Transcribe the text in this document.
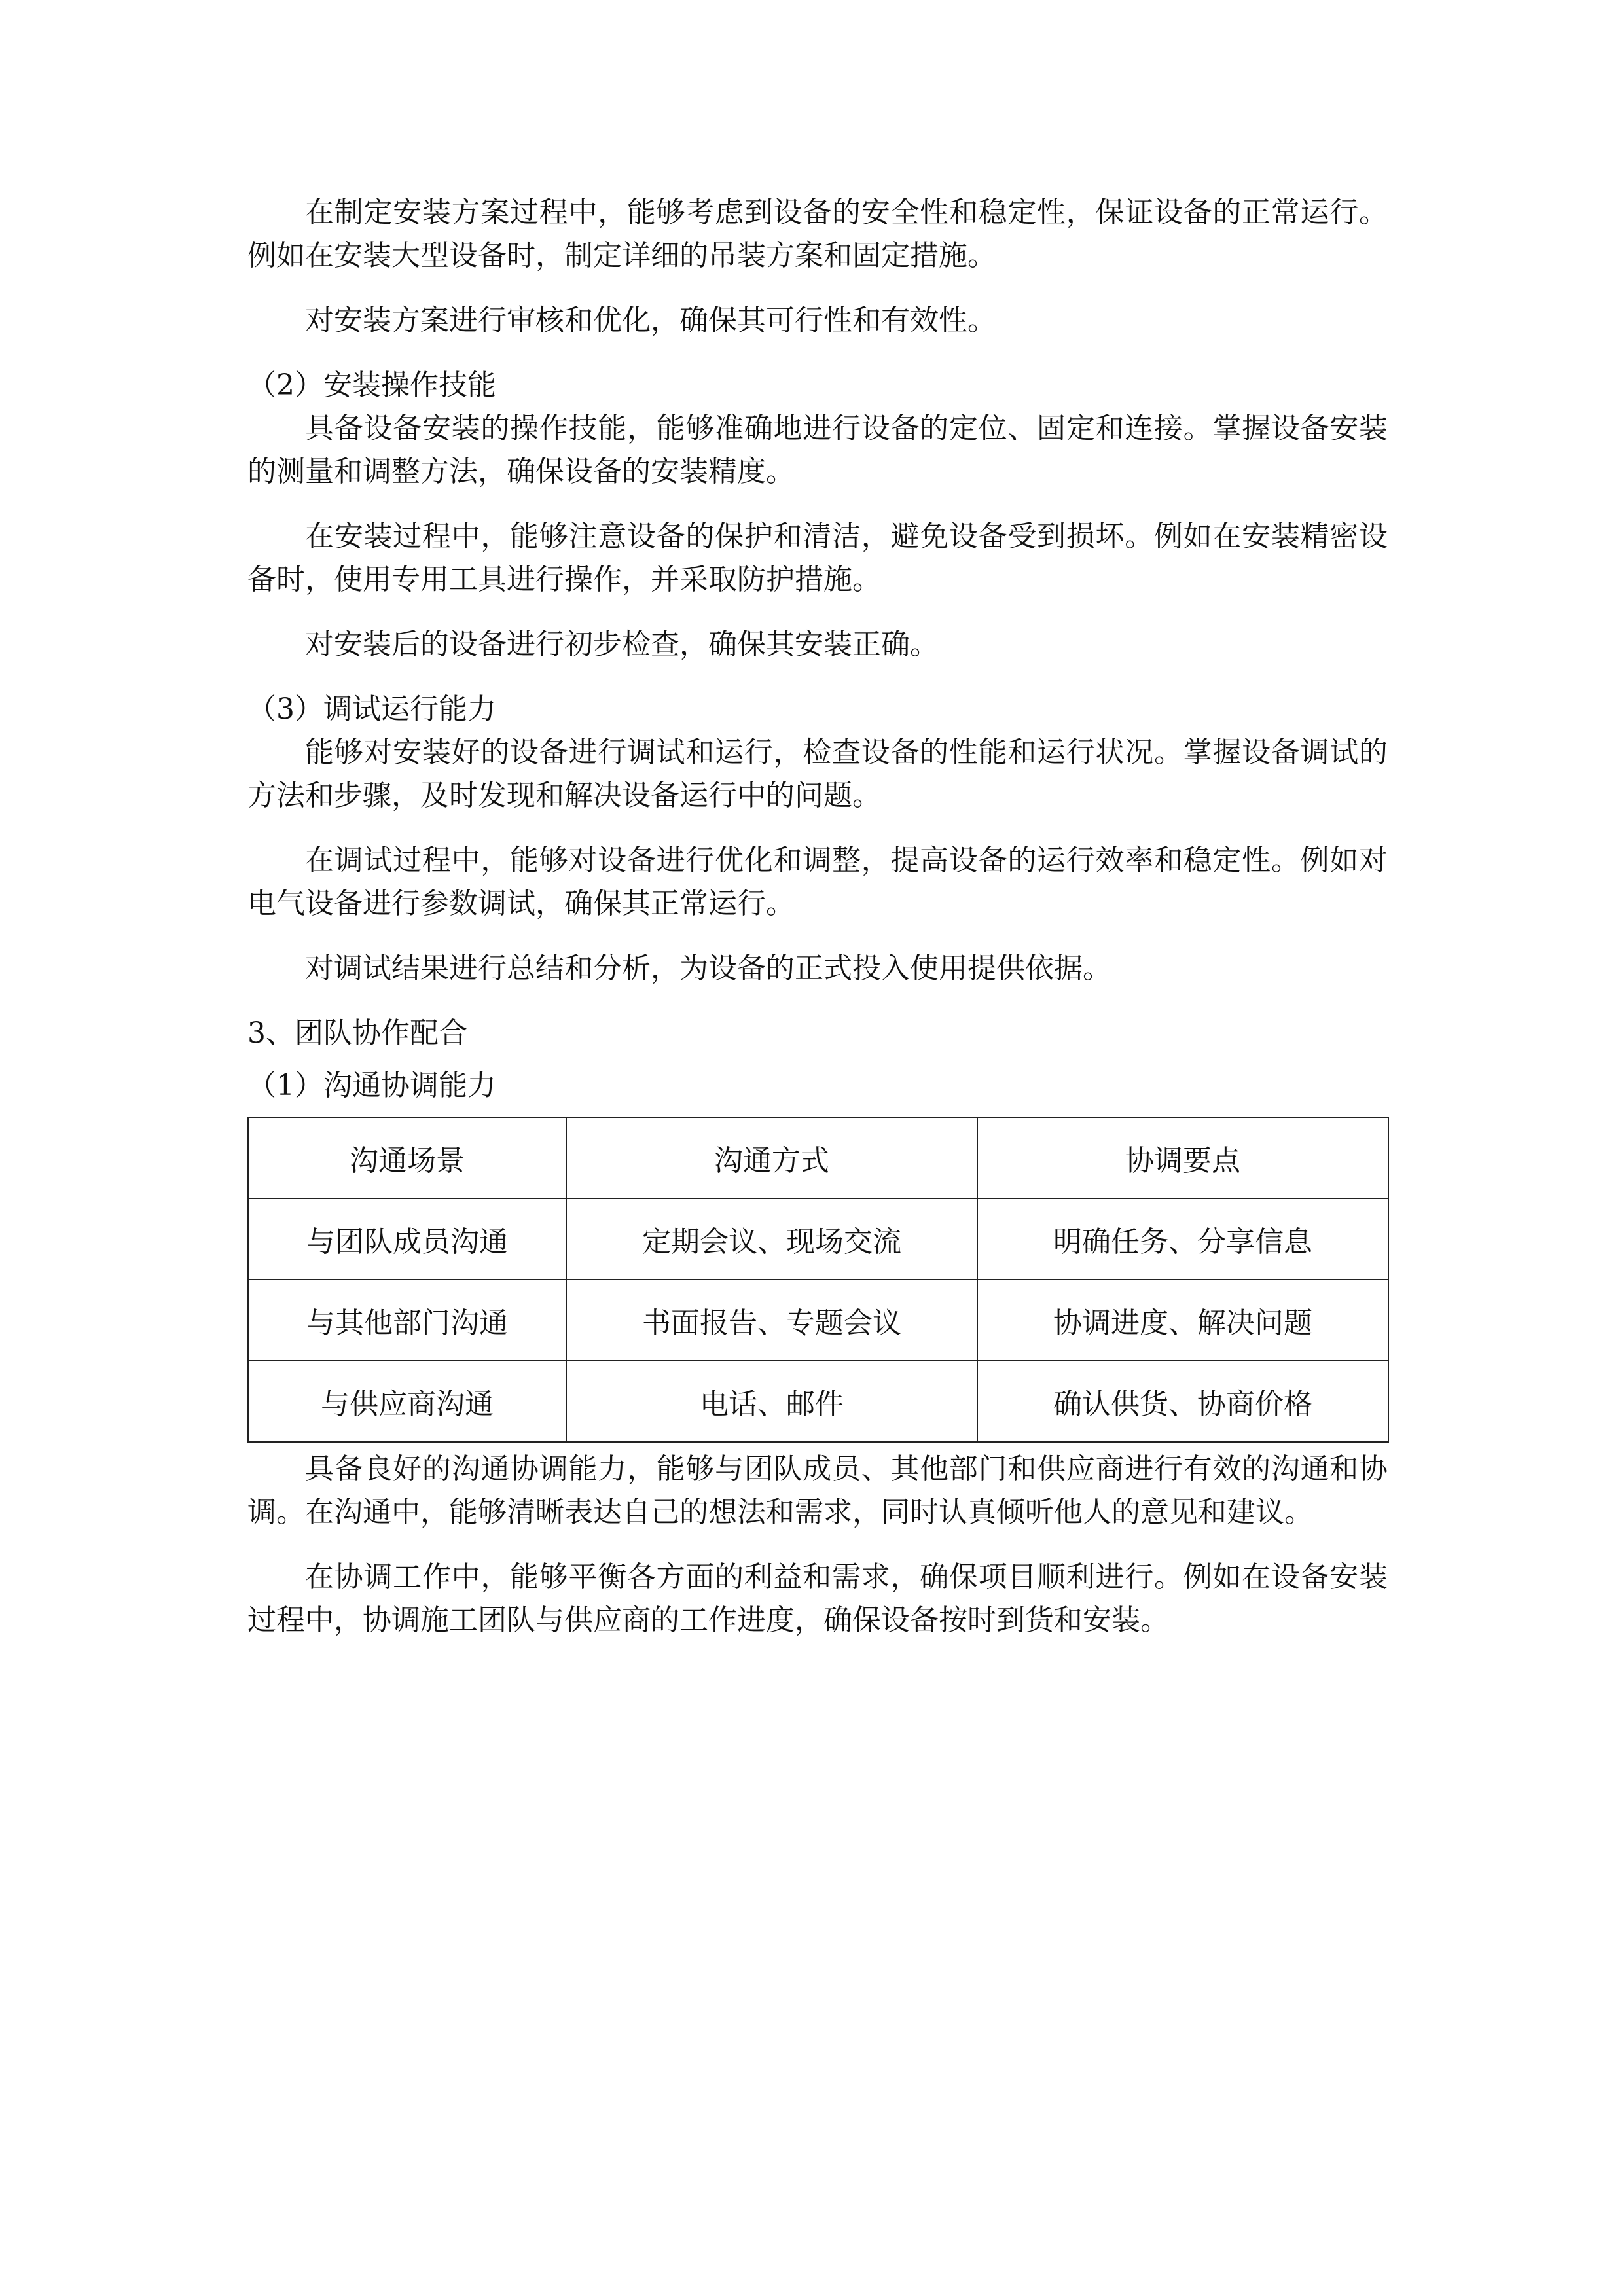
在制定安装方案过程中，能够考虑到设备的安全性和稳定性，保证设备的正常运行。例如在安装大型设备时，制定详细的吊装方案和固定措施。

对安装方案进行审核和优化，确保其可行性和有效性。

（2）安装操作技能

具备设备安装的操作技能，能够准确地进行设备的定位、固定和连接。掌握设备安装的测量和调整方法，确保设备的安装精度。

在安装过程中，能够注意设备的保护和清洁，避免设备受到损坏。例如在安装精密设备时，使用专用工具进行操作，并采取防护措施。

对安装后的设备进行初步检查，确保其安装正确。

（3）调试运行能力

能够对安装好的设备进行调试和运行，检查设备的性能和运行状况。掌握设备调试的方法和步骤，及时发现和解决设备运行中的问题。

在调试过程中，能够对设备进行优化和调整，提高设备的运行效率和稳定性。例如对电气设备进行参数调试，确保其正常运行。

对调试结果进行总结和分析，为设备的正式投入使用提供依据。

3、团队协作配合

（1）沟通协调能力

沟通场景	沟通方式	协调要点
与团队成员沟通	定期会议、现场交流	明确任务、分享信息
与其他部门沟通	书面报告、专题会议	协调进度、解决问题
与供应商沟通	电话、邮件	确认供货、协商价格

具备良好的沟通协调能力，能够与团队成员、其他部门和供应商进行有效的沟通和协调。在沟通中，能够清晰表达自己的想法和需求，同时认真倾听他人的意见和建议。

在协调工作中，能够平衡各方面的利益和需求，确保项目顺利进行。例如在设备安装过程中，协调施工团队与供应商的工作进度，确保设备按时到货和安装。
